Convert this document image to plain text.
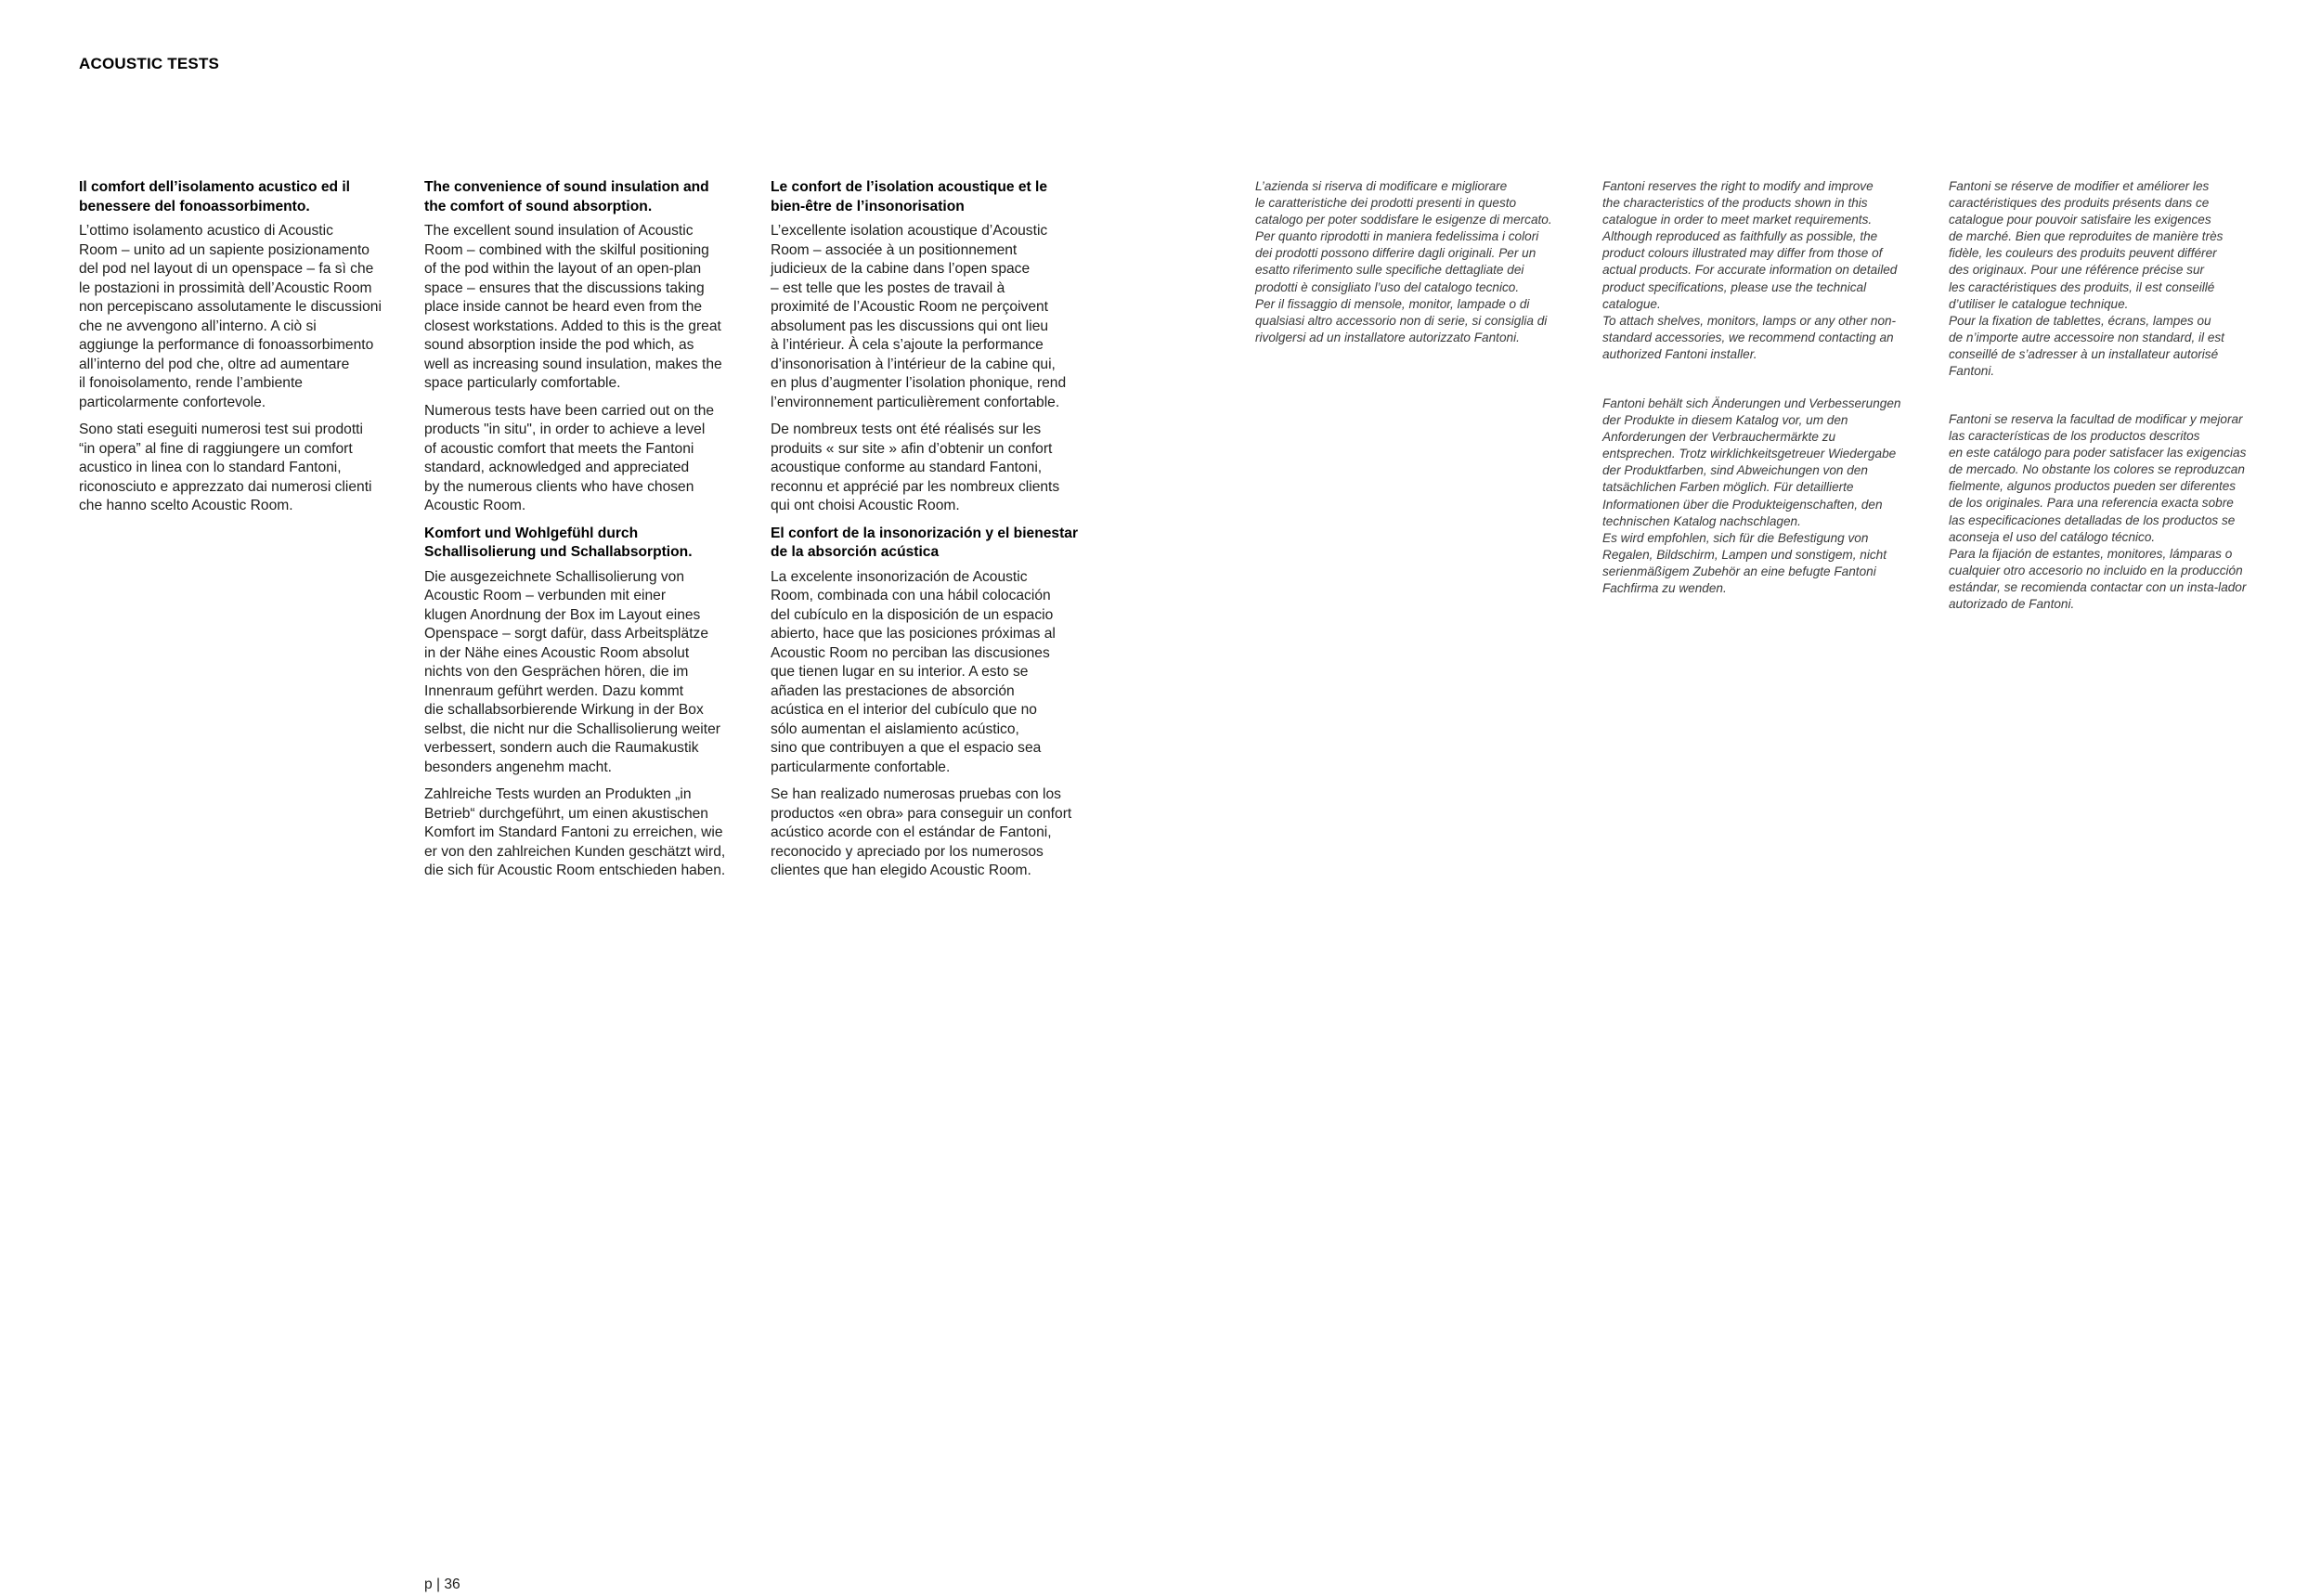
ACOUSTIC TESTS
Il comfort dell’isolamento acustico ed il
benessere del fonoassorbimento.

L’ottimo isolamento acustico di Acoustic
Room – unito ad un sapiente posizionamento
del pod nel layout di un openspace – fa sì che
le postazioni in prossimità dell’Acoustic Room
non percepiscano assolutamente le discussioni
che ne avvengono all’interno. A ciò si
aggiunge la performance di fonoassorbimento
all’interno del pod che, oltre ad aumentare
il fonoisolamento, rende l’ambiente
particolarmente confortevole.

Sono stati eseguiti numerosi test sui prodotti
“in opera” al fine di raggiungere un comfort
acustico in linea con lo standard Fantoni,
riconosciuto e apprezzato dai numerosi clienti
che hanno scelto Acoustic Room.

The convenience of sound insulation and
the comfort of sound absorption.

The excellent sound insulation of Acoustic
Room – combined with the skilful positioning
of the pod within the layout of an open-plan
space – ensures that the discussions taking
place inside cannot be heard even from the
closest workstations. Added to this is the great
sound absorption inside the pod which, as
well as increasing sound insulation, makes the
space particularly comfortable.

Numerous tests have been carried out on the
products "in situ", in order to achieve a level
of acoustic comfort that meets the Fantoni
standard, acknowledged and appreciated
by the numerous clients who have chosen
Acoustic Room.

Komfort und Wohlgefühl durch
Schallisolierung und Schallabsorption.

Die ausgezeichnete Schallisolierung von
Acoustic Room – verbunden mit einer
klugen Anordnung der Box im Layout eines
Openspace – sorgt dafür, dass Arbeitsplätze
in der Nähe eines Acoustic Room absolut
nichts von den Gesprächen hören, die im
Innenraum geführt werden. Dazu kommt
die schallabsorbierende Wirkung in der Box
selbst, die nicht nur die Schallisolierung weiter
verbessert, sondern auch die Raumakustik
besonders angenehm macht.

Zahlreiche Tests wurden an Produkten „in
Betrieb“ durchgeführt, um einen akustischen
Komfort im Standard Fantoni zu erreichen, wie
er von den zahlreichen Kunden geschätzt wird,
die sich für Acoustic Room entschieden haben.

Le confort de l’isolation acoustique et le
bien-être de l’insonorisation

L’excellente isolation acoustique d’Acoustic
Room – associée à un positionnement
judicieux de la cabine dans l’open space
– est telle que les postes de travail à
proximité de l’Acoustic Room ne perçoivent
absolument pas les discussions qui ont lieu
à l’intérieur. À cela s’ajoute la performance
d’insonorisation à l’intérieur de la cabine qui,
en plus d’augmenter l’isolation phonique, rend
l’environnement particulièrement confortable.

De nombreux tests ont été réalisés sur les
produits « sur site » afin d’obtenir un confort
acoustique conforme au standard Fantoni,
reconnu et apprécié par les nombreux clients
qui ont choisi Acoustic Room.

El confort de la insonorización y el bienestar
de la absorción acústica

La excelente insonorización de Acoustic
Room, combinada con una hábil colocación
del cubículo en la disposición de un espacio
abierto, hace que las posiciones próximas al
Acoustic Room no perciban las discusiones
que tienen lugar en su interior. A esto se
añaden las prestaciones de absorción
acústica en el interior del cubículo que no
sólo aumentan el aislamiento acústico,
sino que contribuyen a que el espacio sea
particularmente confortable.

Se han realizado numerosas pruebas con los
productos «en obra» para conseguir un confort
acústico acorde con el estándar de Fantoni,
reconocido y apreciado por los numerosos
clientes que han elegido Acoustic Room.

L’azienda si riserva di modificare e migliorare
le caratteristiche dei prodotti presenti in questo
catalogo per poter soddisfare le esigenze di mercato.
Per quanto riprodotti in maniera fedelissima i colori
dei prodotti possono differire dagli originali. Per un
esatto riferimento sulle specifiche dettagliate dei
prodotti è consigliato l’uso del catalogo tecnico.
Per il fissaggio di mensole, monitor, lampade o di
qualsiasi altro accessorio non di serie, si consiglia di
rivolgersi ad un installatore autorizzato Fantoni.

Fantoni reserves the right to modify and improve
the characteristics of the products shown in this
catalogue in order to meet market requirements.
Although reproduced as faithfully as possible, the
product colours illustrated may differ from those of
actual products. For accurate information on detailed
product specifications, please use the technical
catalogue.
To attach shelves, monitors, lamps or any other non-
standard accessories, we recommend contacting an
authorized Fantoni installer.

Fantoni se réserve de modifier et améliorer les
caractéristiques des produits présents dans ce
catalogue pour pouvoir satisfaire les exigences
de marché. Bien que reproduites de manière très
fidèle, les couleurs des produits peuvent différer
des originaux. Pour une référence précise sur
les caractéristiques des produits, il est conseillé
d’utiliser le catalogue technique.
Pour la fixation de tablettes, écrans, lampes ou
de n’importe autre accessoire non standard, il est
conseillé de s’adresser à un installateur autorisé
Fantoni.

Fantoni behält sich Änderungen und Verbesserungen
der Produkte in diesem Katalog vor, um den
Anforderungen der Verbrauchermärkte zu
entsprechen. Trotz wirklichkeitsgetreuer Wiedergabe
der Produktfarben, sind Abweichungen von den
tatsächlichen Farben möglich. Für detaillierte
Informationen über die Produkteigenschaften, den
technischen Katalog nachschlagen.
Es wird empfohlen, sich für die Befestigung von
Regalen, Bildschirm, Lampen und sonstigem, nicht
serienmäßigem Zubehör an eine befugte Fantoni
Fachfirma zu wenden.

Fantoni se reserva la facultad de modificar y mejorar
las características de los productos descritos
en este catálogo para poder satisfacer las exigencias
de mercado. No obstante los colores se reproduzcan
fielmente, algunos productos pueden ser diferentes
de los originales. Para una referencia exacta sobre
las especificaciones detalladas de los productos se
aconseja el uso del catálogo técnico.
Para la fijación de estantes, monitores, lámparas o
cualquier otro accesorio no incluido en la producción
estándar, se recomienda contactar con un insta-lador
autorizado de Fantoni.

p | 36
